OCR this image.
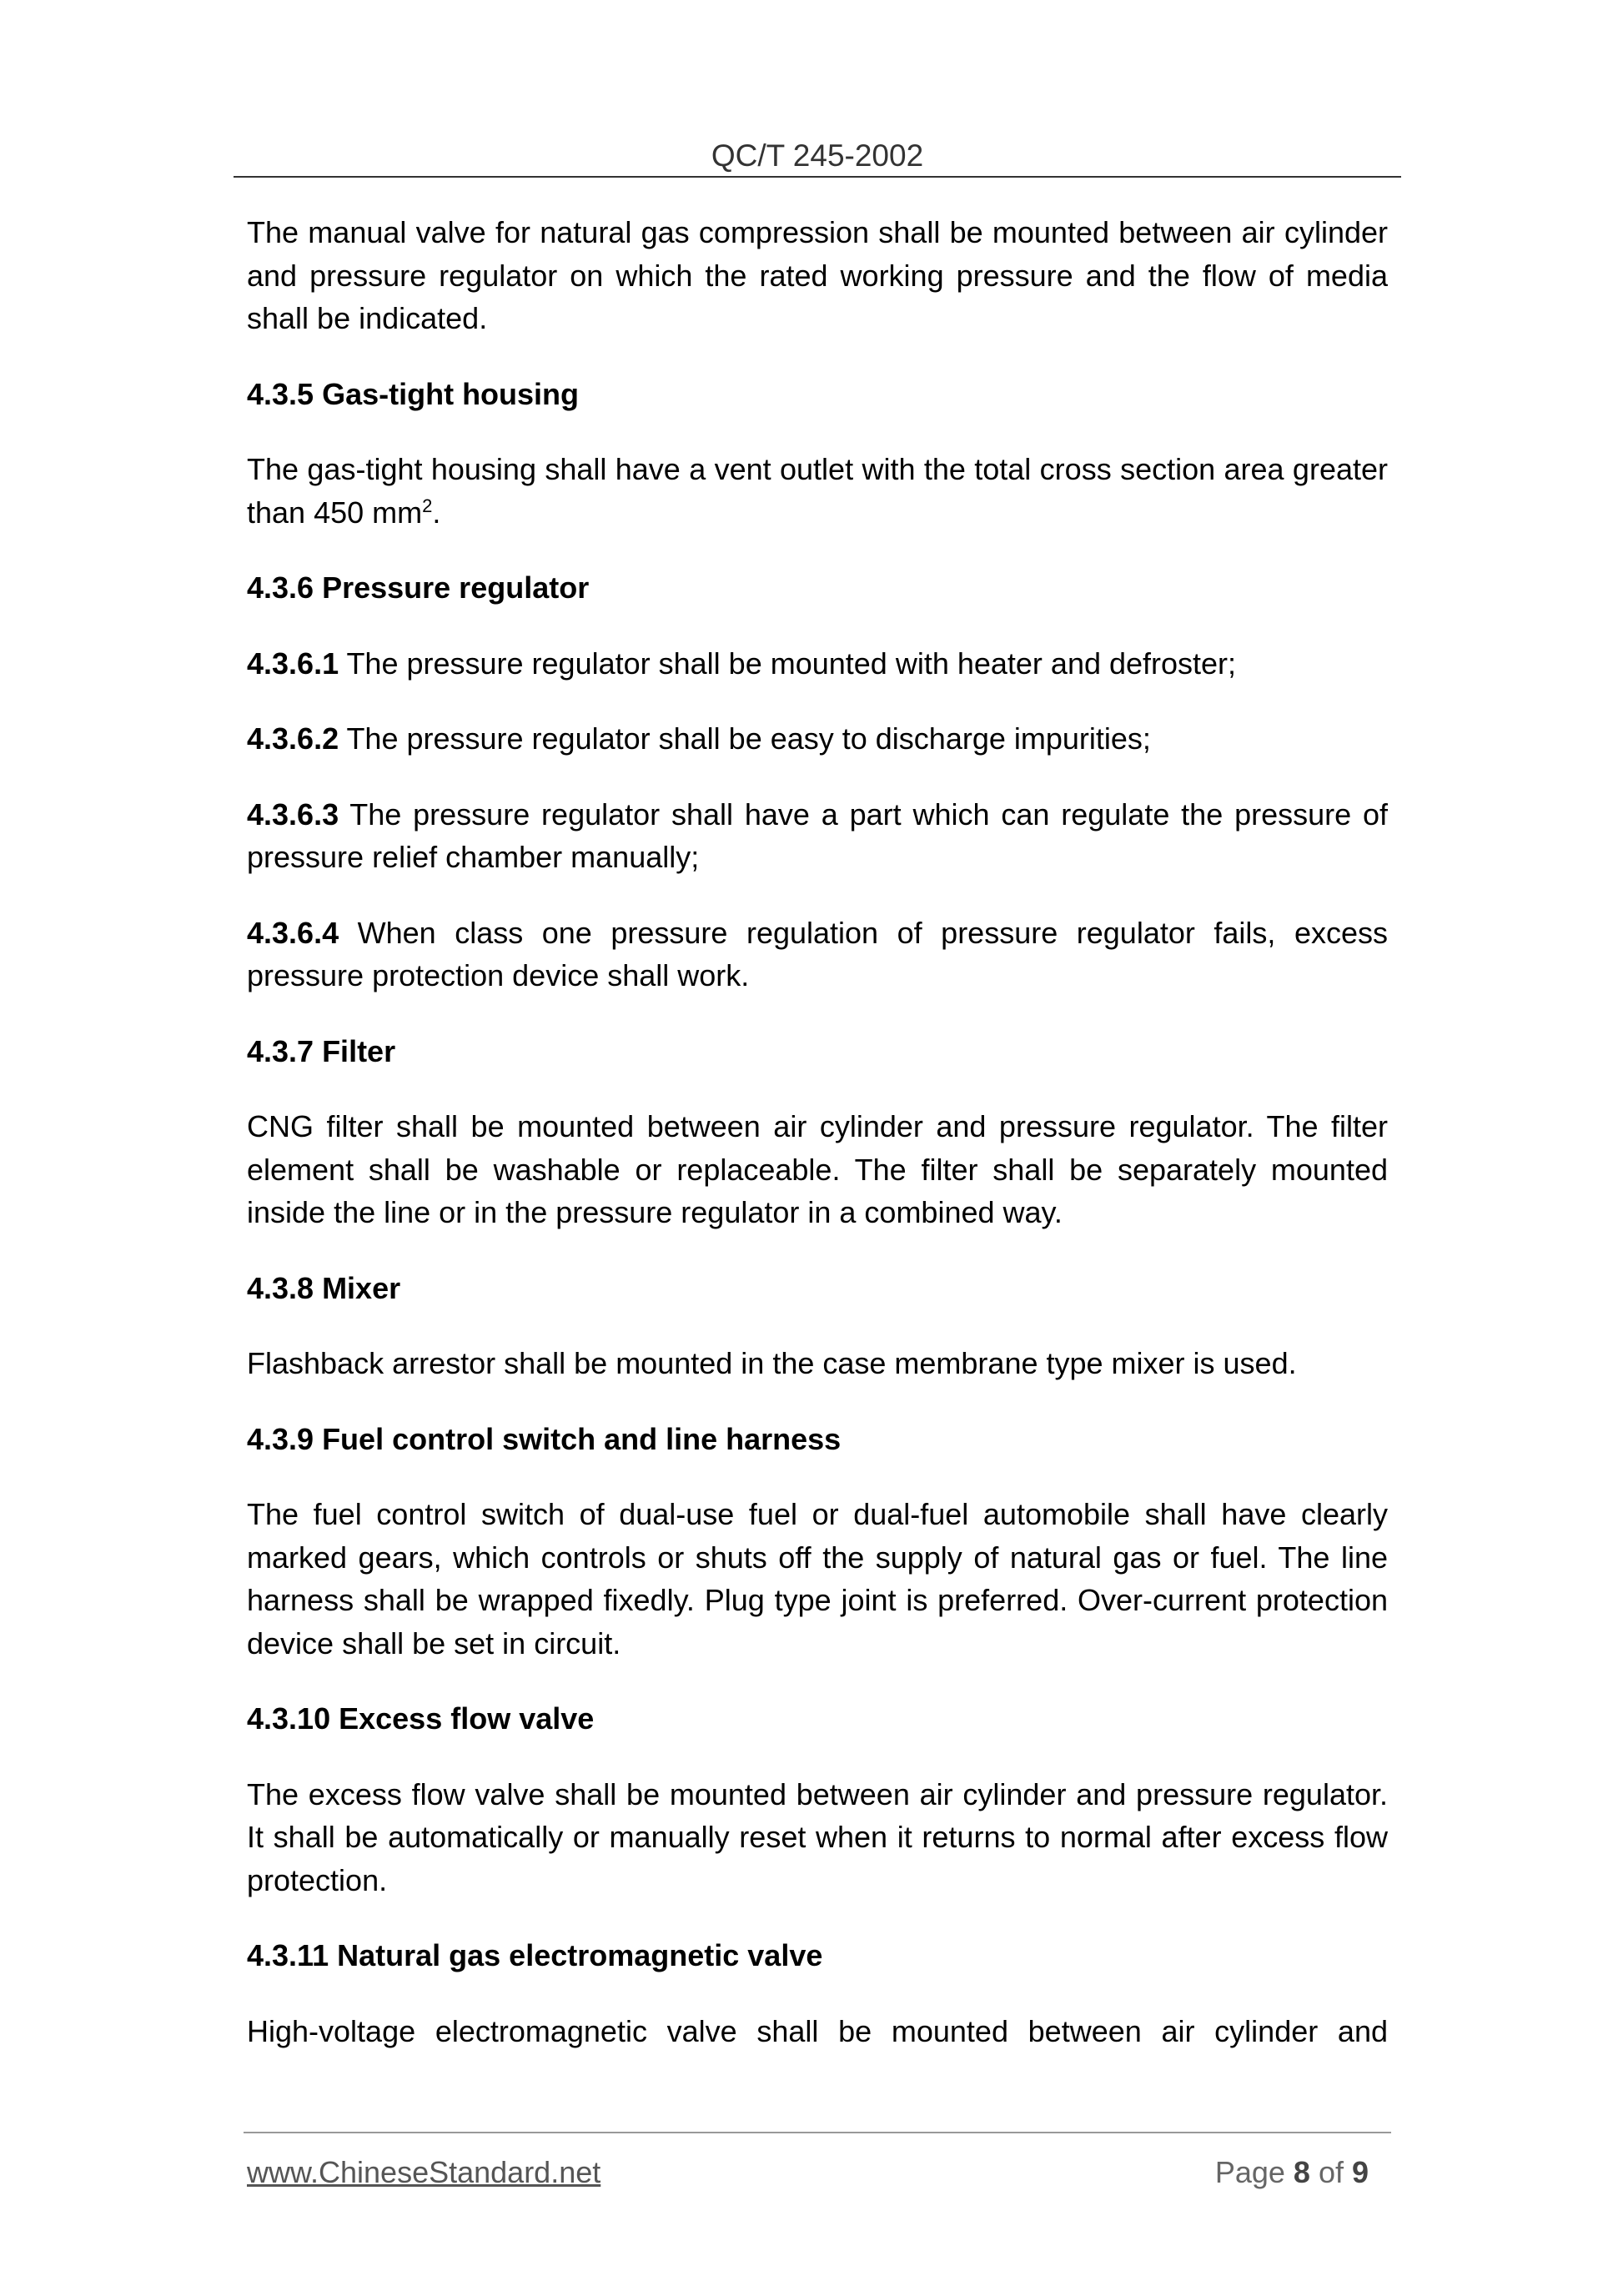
QC/T 245-2002

The manual valve for natural gas compression shall be mounted between air cylinder and pressure regulator on which the rated working pressure and the flow of media shall be indicated.

4.3.5 Gas-tight housing

The gas-tight housing shall have a vent outlet with the total cross section area greater than 450 $mm^2$.

4.3.6 Pressure regulator

4.3.6.1 The pressure regulator shall be mounted with heater and defroster;

4.3.6.2 The pressure regulator shall be easy to discharge impurities;

4.3.6.3 The pressure regulator shall have a part which can regulate the pressure of pressure relief chamber manually;

4.3.6.4 When class one pressure regulation of pressure regulator fails, excess pressure protection device shall work.

4.3.7 Filter

CNG filter shall be mounted between air cylinder and pressure regulator. The filter element shall be washable or replaceable. The filter shall be separately mounted inside the line or in the pressure regulator in a combined way.

4.3.8 Mixer

Flashback arrestor shall be mounted in the case membrane type mixer is used.

4.3.9 Fuel control switch and line harness

The fuel control switch of dual-use fuel or dual-fuel automobile shall have clearly marked gears, which controls or shuts off the supply of natural gas or fuel. The line harness shall be wrapped fixedly. Plug type joint is preferred. Over-current protection device shall be set in circuit.

4.3.10 Excess flow valve

The excess flow valve shall be mounted between air cylinder and pressure regulator. It shall be automatically or manually reset when it returns to normal after excess flow protection.

4.3.11 Natural gas electromagnetic valve

High-voltage electromagnetic valve shall be mounted between air cylinder and

www.ChineseStandard.net	Page 8 of 9
